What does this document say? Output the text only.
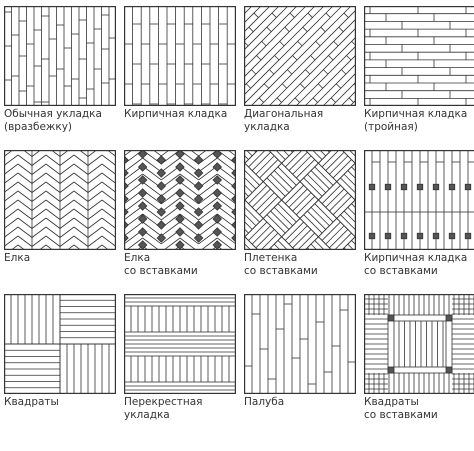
Обычная укладка
(вразбежку)
Кирпичная кладка	Диагональная
укладка
Кирпичная кладка
(тройная)
Елка	Елка
со вставками
Плетенка
со вставками
Кирпичная кладка
со вставками
Квадраты	Перекрестная
укладка
Палуба	Квадраты
со вставками
